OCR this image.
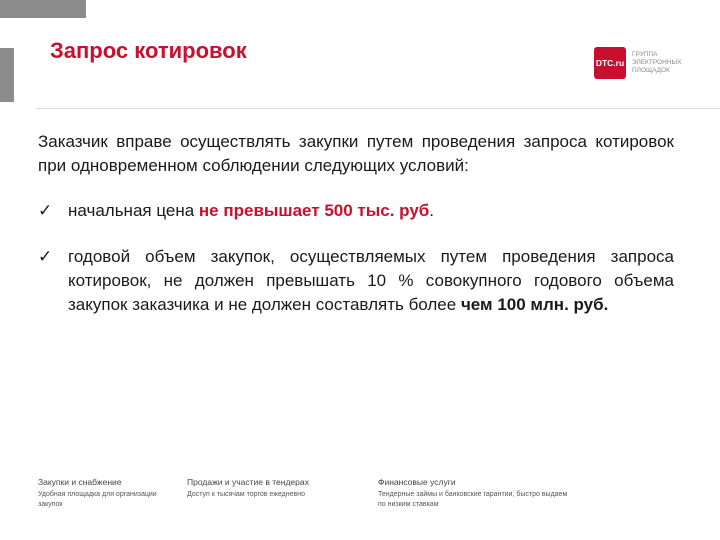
Запрос котировок	DTC.ru
ГРУППА ЭЛЕКТРОННЫХ ПЛОЩАДОК

Заказчик вправе осуществлять закупки путем проведения запроса котировок при одновременном соблюдении следующих условий:

✓ начальная цена не превышает 500 тыс. руб.
✓ годовой объем закупок, осуществляемых путем проведения запроса котировок, не должен превышать 10 % совокупного годового объема закупок заказчика и не должен составлять более чем 100 млн. руб.
Закупки и снабжение
Удобная площадка для организации закупок
Продажи и участие в тендерах
Доступ к тысячам торгов ежедневно
Финансовые услуги
Тендерные займы и банковские гарантии, быстро выдаем по низким ставкам
